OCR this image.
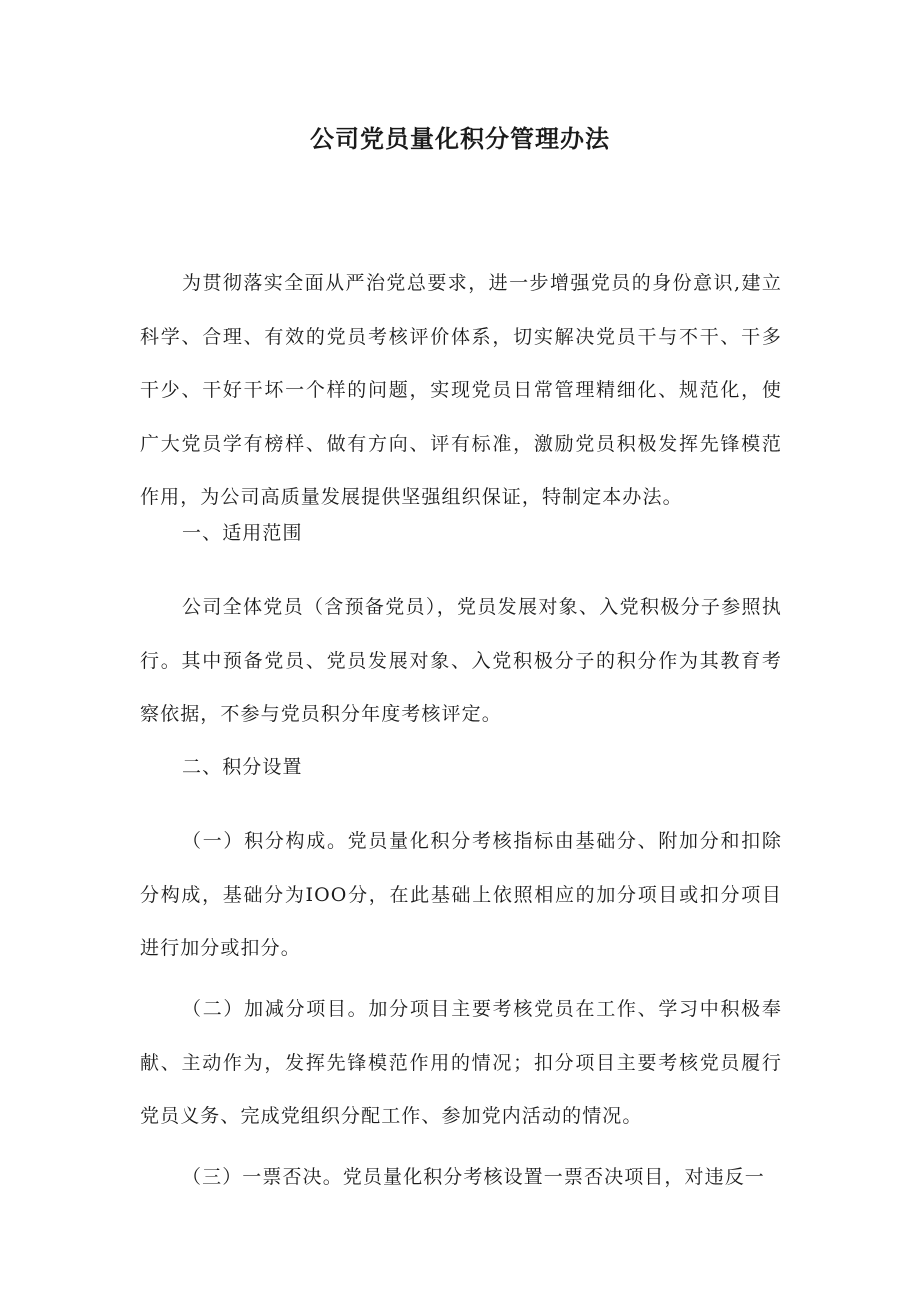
公司党员量化积分管理办法

为贯彻落实全面从严治党总要求，进一步增强党员的身份意识,建立科学、合理、有效的党员考核评价体系，切实解决党员干与不干、干多干少、干好干坏一个样的问题，实现党员日常管理精细化、规范化，使广大党员学有榜样、做有方向、评有标准，激励党员积极发挥先锋模范作用，为公司高质量发展提供坚强组织保证，特制定本办法。

一、适用范围

公司全体党员（含预备党员），党员发展对象、入党积极分子参照执行。其中预备党员、党员发展对象、入党积极分子的积分作为其教育考察依据，不参与党员积分年度考核评定。

二、积分设置

（一）积分构成。党员量化积分考核指标由基础分、附加分和扣除分构成，基础分为IOO分，在此基础上依照相应的加分项目或扣分项目进行加分或扣分。

（二）加减分项目。加分项目主要考核党员在工作、学习中积极奉献、主动作为，发挥先锋模范作用的情况；扣分项目主要考核党员履行党员义务、完成党组织分配工作、参加党内活动的情况。

（三）一票否决。党员量化积分考核设置一票否决项目，对违反一
